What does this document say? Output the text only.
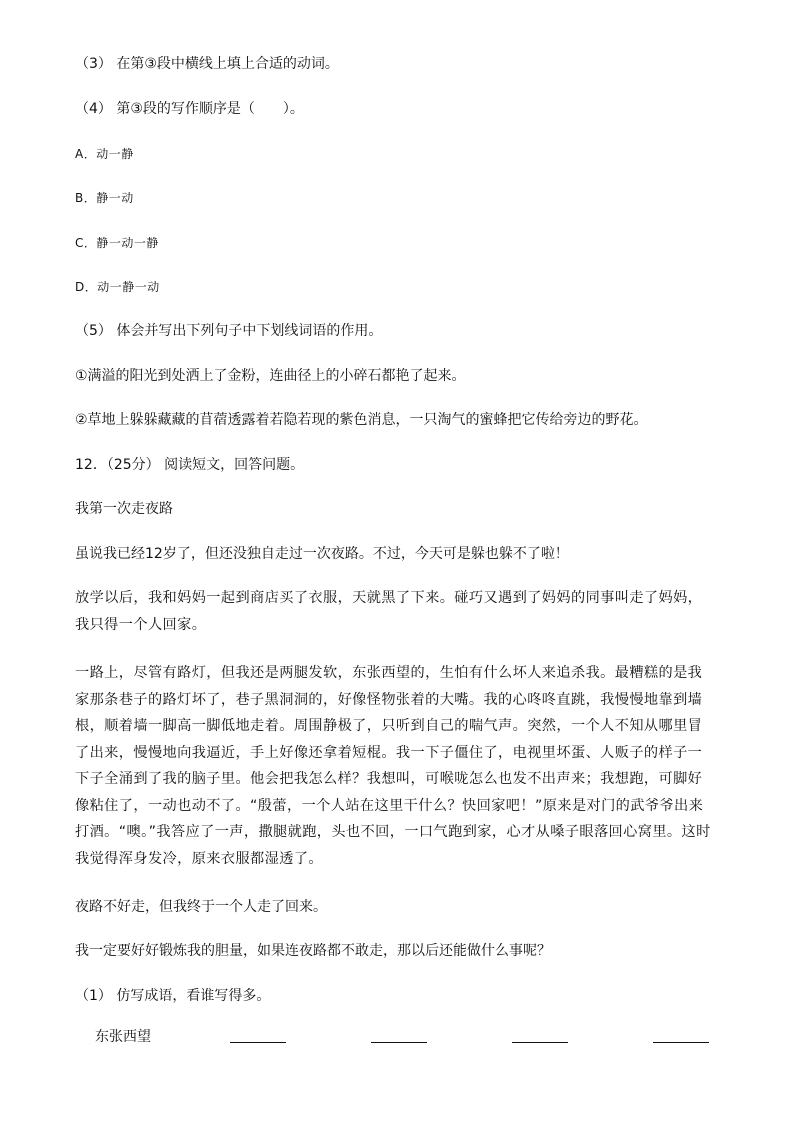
（3） 在第③段中横线上填上合适的动词。
（4） 第③段的写作顺序是（　　）。
A．动一静
B．静一动
C．静一动一静
D．动一静一动
（5） 体会并写出下列句子中下划线词语的作用。
①满溢的阳光到处洒上了金粉，连曲径上的小碎石都艳了起来。
②草地上躲躲藏藏的苜蓿透露着若隐若现的紫色消息，一只淘气的蜜蜂把它传给旁边的野花。
12．（25分） 阅读短文，回答问题。
我第一次走夜路
虽说我已经12岁了，但还没独自走过一次夜路。不过，今天可是躲也躲不了啦！
放学以后，我和妈妈一起到商店买了衣服，天就黑了下来。碰巧又遇到了妈妈的同事叫走了妈妈，我只得一个人回家。
一路上，尽管有路灯，但我还是两腿发软，东张西望的，生怕有什么坏人来追杀我。最糟糕的是我家那条巷子的路灯坏了，巷子黑洞洞的，好像怪物张着的大嘴。我的心咚咚直跳，我慢慢地靠到墙根，顺着墙一脚高一脚低地走着。周围静极了，只听到自己的喘气声。突然，一个人不知从哪里冒了出来，慢慢地向我逼近，手上好像还拿着短棍。我一下子僵住了，电视里坏蛋、人贩子的样子一下子全涌到了我的脑子里。他会把我怎么样？我想叫，可喉咙怎么也发不出声来；我想跑，可脚好像粘住了，一动也动不了。“殷蕾，一个人站在这里干什么？快回家吧！”原来是对门的武爷爷出来打酒。“噢。”我答应了一声，撒腿就跑，头也不回，一口气跑到家，心才从嗓子眼落回心窝里。这时我觉得浑身发冷，原来衣服都湿透了。
夜路不好走，但我终于一个人走了回来。
我一定要好好锻炼我的胆量，如果连夜路都不敢走，那以后还能做什么事呢？
（1） 仿写成语，看谁写得多。
东张西望
